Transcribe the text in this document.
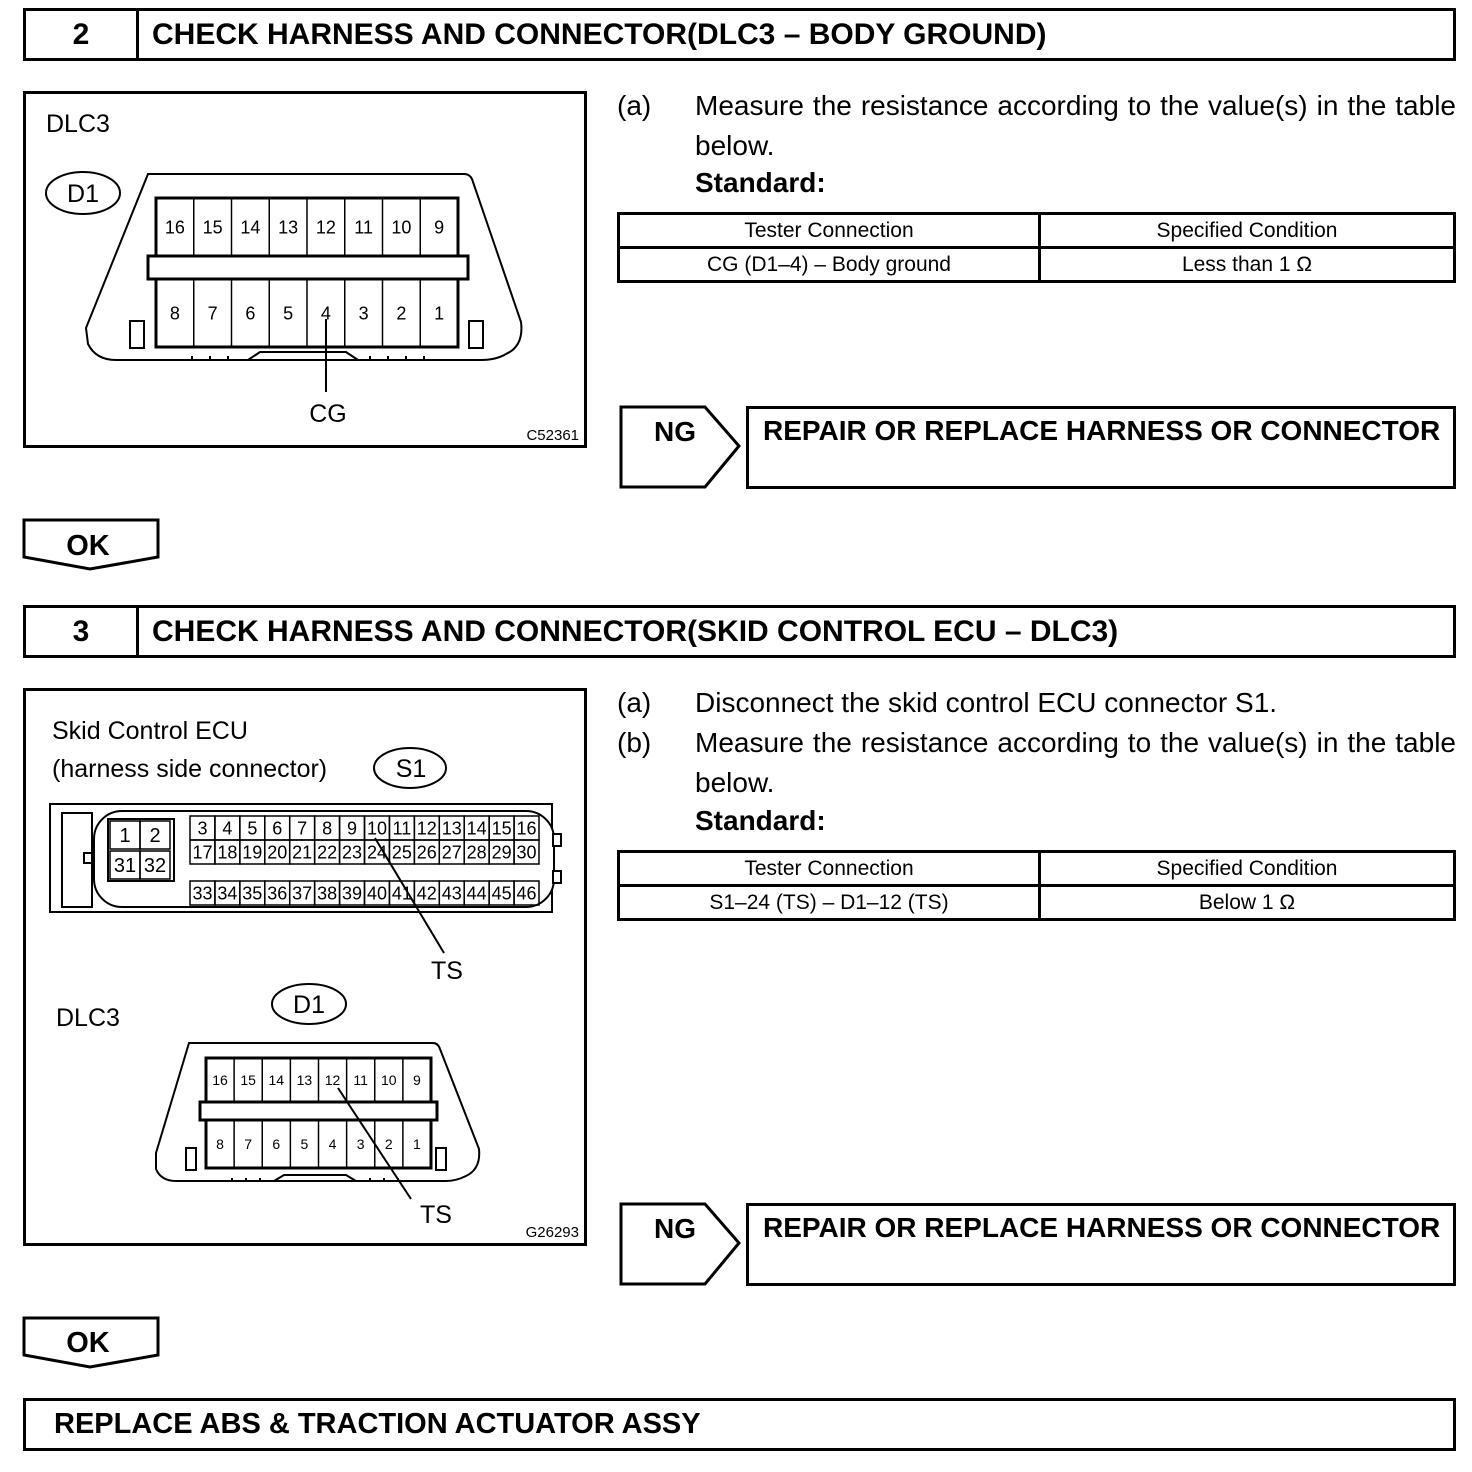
2	CHECK HARNESS AND CONNECTOR(DLC3 – BODY GROUND)
DLC3
D1
16 15 14 13 12 11 10 9
8 7 6 5 4 3 2 1
CG
C52361
(a) Measure the resistance according to the value(s) in the table below.
Standard:
Tester Connection	Specified Condition
CG (D1–4) – Body ground	Less than 1 Ω
NG REPAIR OR REPLACE HARNESS OR CONNECTOR
OK
3	CHECK HARNESS AND CONNECTOR(SKID CONTROL ECU – DLC3)
Skid Control ECU
(harness side connector)	S1
1 2
31 32
3 4 5 6 7 8 9 10 11 12 13 14 15 16
17 18 19 20 21 22 23 24 25 26 27 28 29 30
33 34 35 36 37 38 39 40 41 42 43 44 45 46
TS
DLC3	D1
16 15 14 13 12 11 10 9
8 7 6 5 4 3 2 1
TS
G26293
(a) Disconnect the skid control ECU connector S1.
(b) Measure the resistance according to the value(s) in the table below.
Standard:
Tester Connection	Specified Condition
S1–24 (TS) – D1–12 (TS)	Below 1 Ω
NG REPAIR OR REPLACE HARNESS OR CONNECTOR
OK
REPLACE ABS & TRACTION ACTUATOR ASSY
